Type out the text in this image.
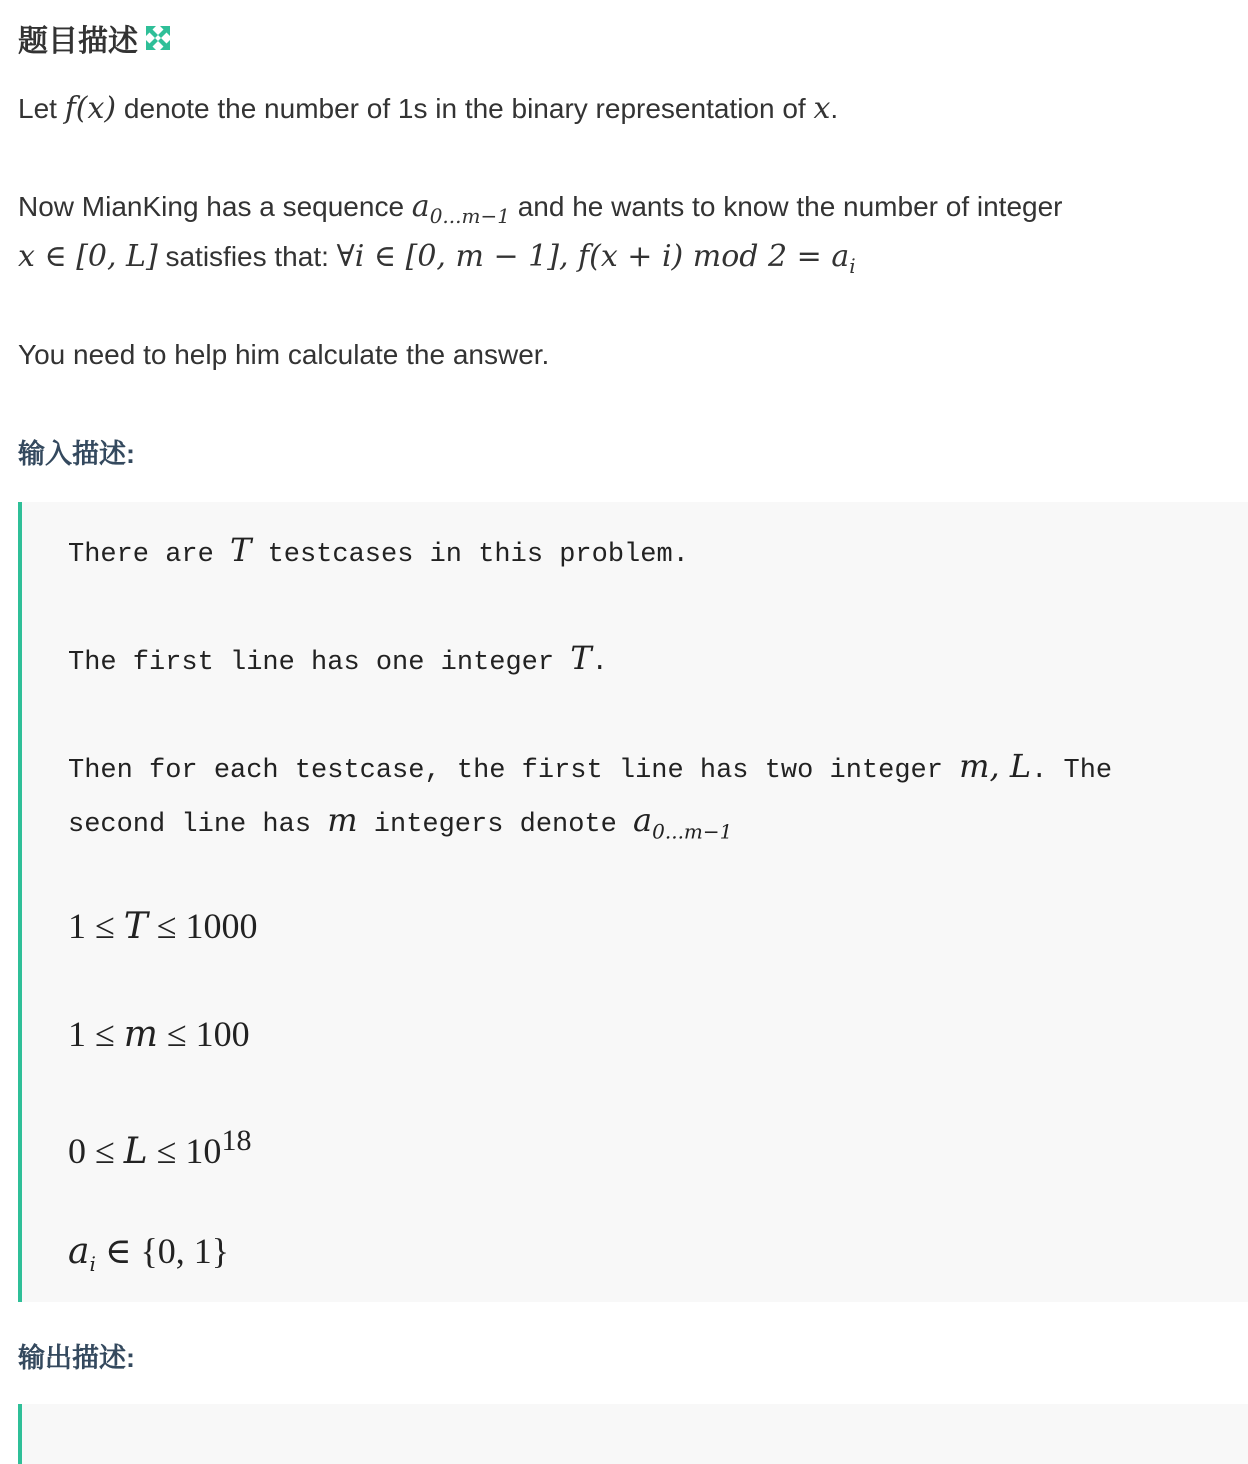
题目描述
Let f(x) denote the number of 1s in the binary representation of x.
Now MianKing has a sequence $a_{0...m-1}$ and he wants to know the number of integer
x ∈ [0, L] satisfies that: ∀i ∈ [0, m − 1], f(x + i) mod $2 = a_i$
You need to help him calculate the answer.
输入描述:
There are T testcases in this problem.
The first line has one integer T.
Then for each testcase, the first line has two integer m, L. The
second line has m integers denote $a_{0...m-1}$
1 ≤ T ≤ 1000
1 ≤ m ≤ 100
$0 \le L \le 10^{18}$
$a_i$ ∈ {0, 1}
输出描述:
